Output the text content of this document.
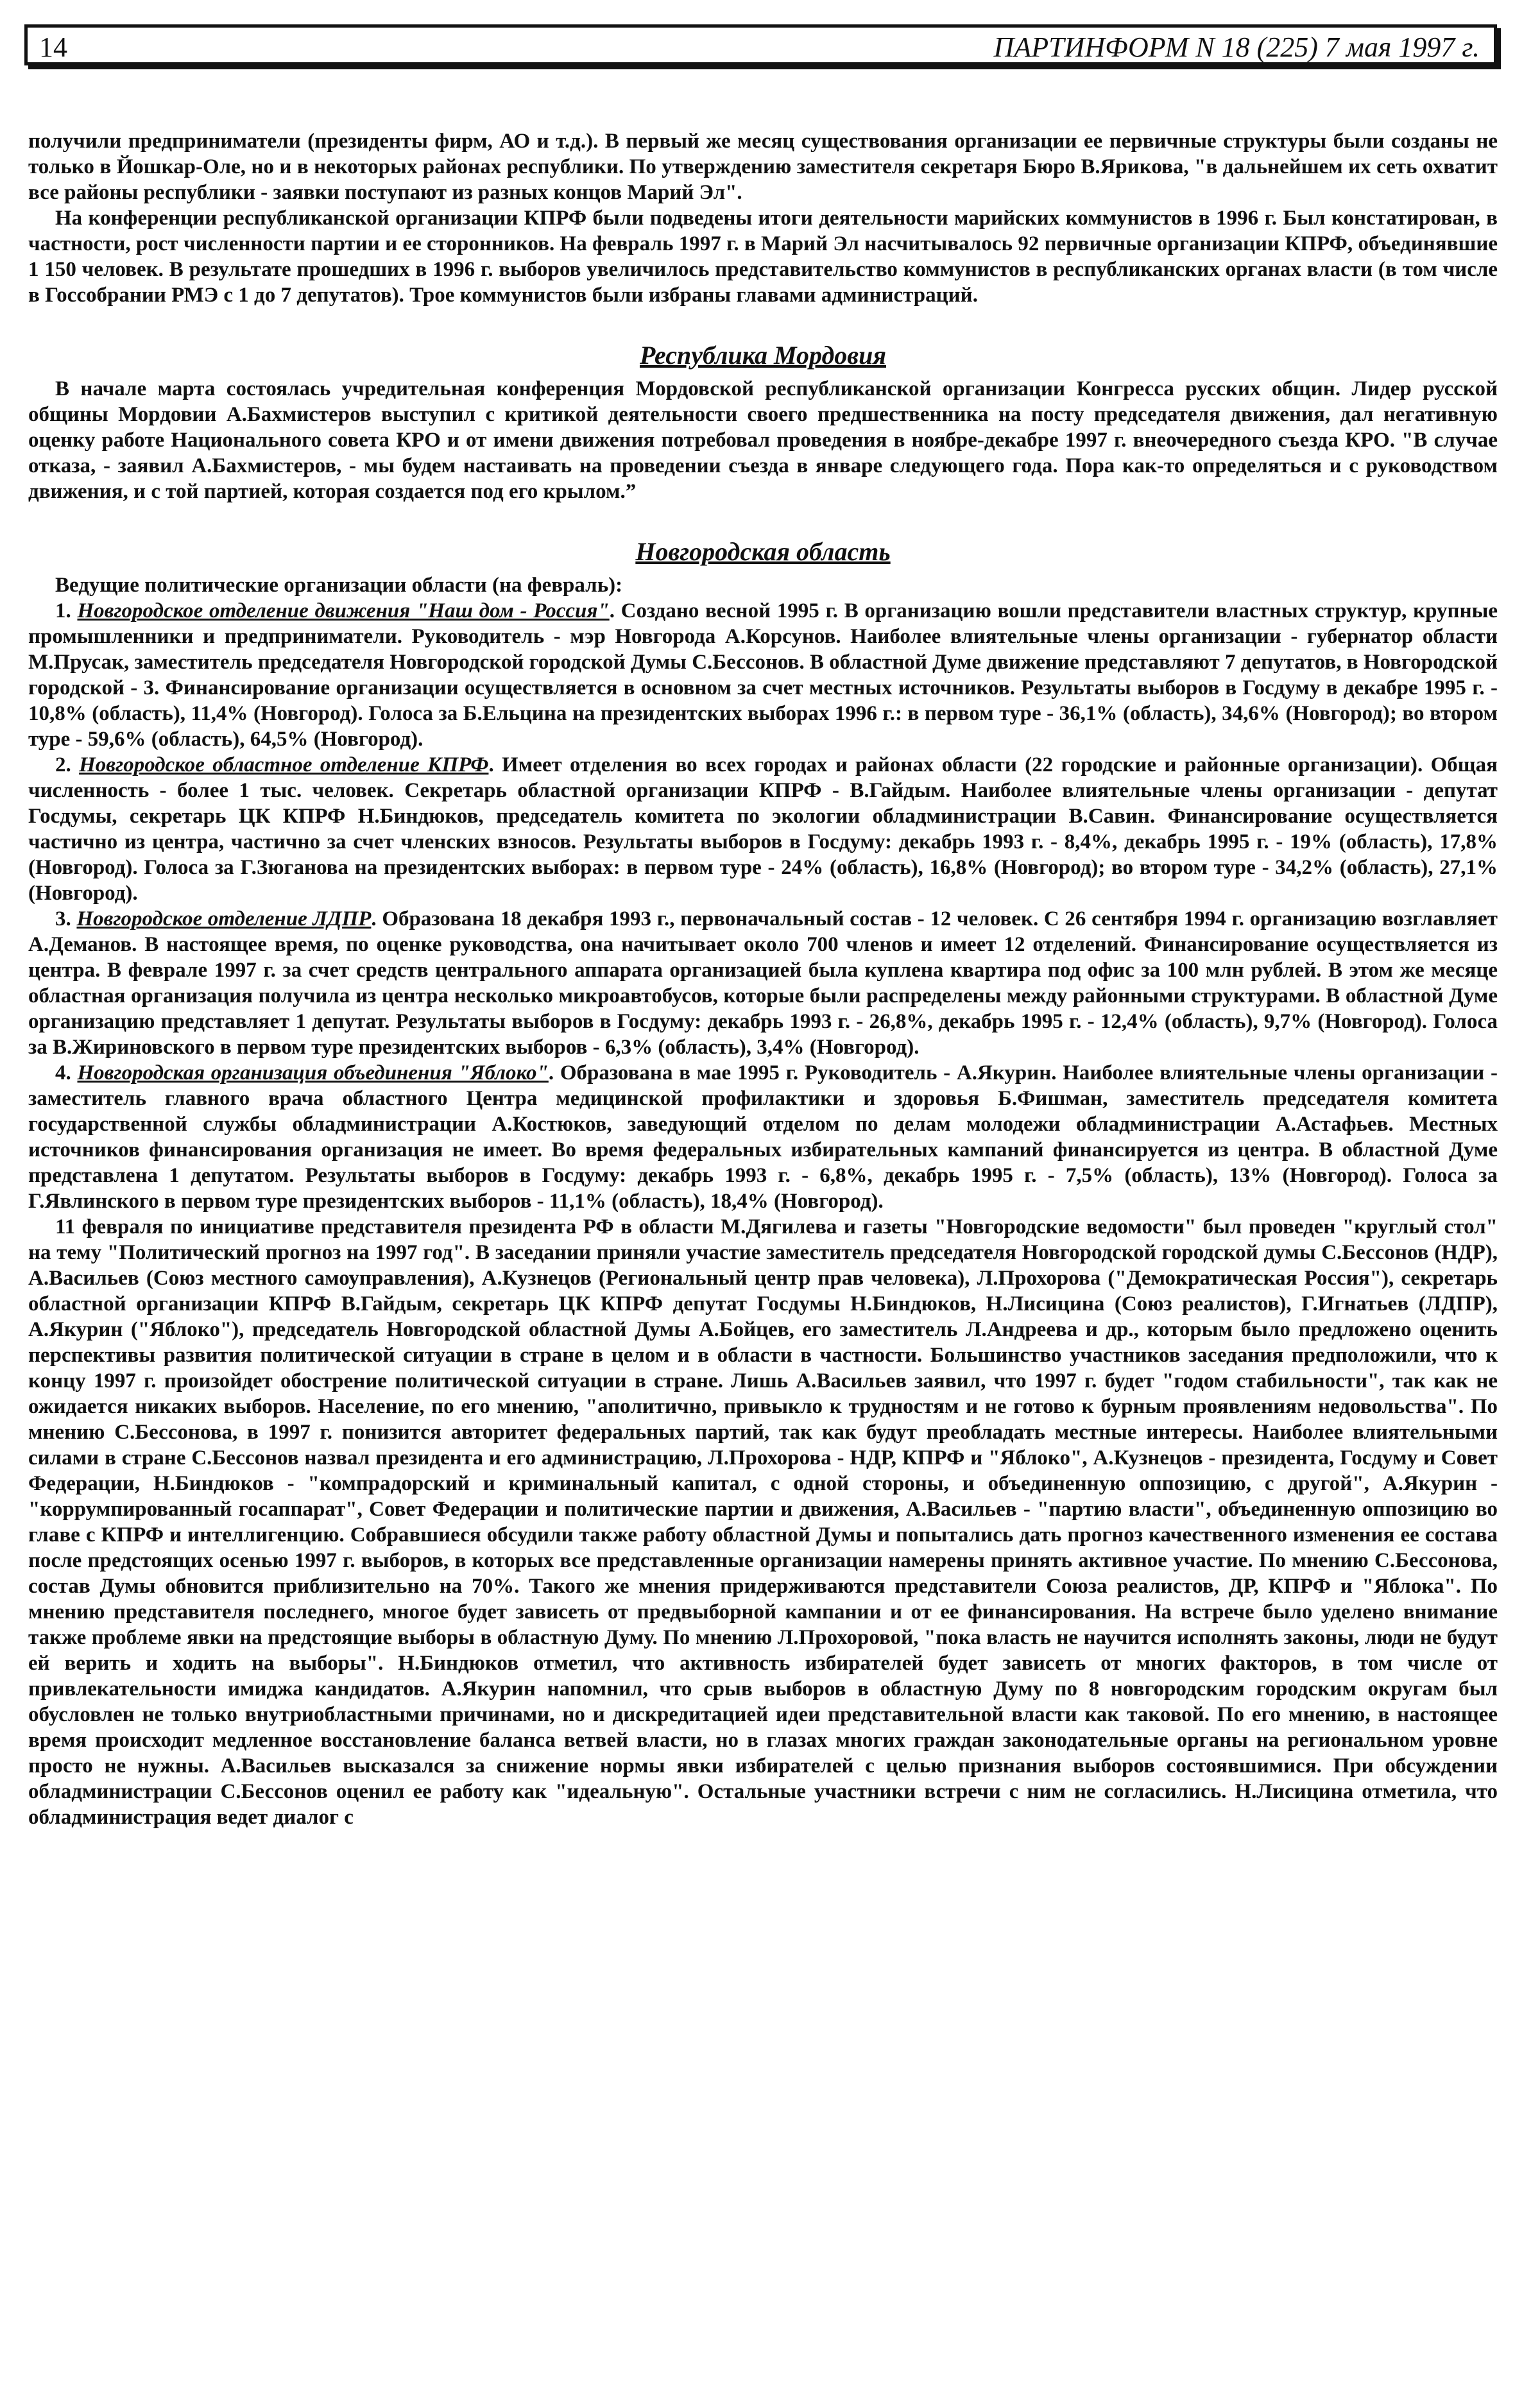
14	ПАРТИНФОРМ N 18 (225) 7 мая 1997 г.

получили предприниматели (президенты фирм, АО и т.д.). В первый же месяц существования организации ее первичные структуры были созданы не только в Йошкар-Оле, но и в некоторых районах республики. По утверждению заместителя секретаря Бюро В.Ярикова, "в дальнейшем их сеть охватит все районы республики - заявки поступают из разных концов Марий Эл".

На конференции республиканской организации КПРФ были подведены итоги деятельности марийских коммунистов в 1996 г. Был констатирован, в частности, рост численности партии и ее сторонников. На февраль 1997 г. в Марий Эл насчитывалось 92 первичные организации КПРФ, объединявшие 1 150 человек. В результате прошедших в 1996 г. выборов увеличилось представительство коммунистов в республиканских органах власти (в том числе в Госсобрании РМЭ с 1 до 7 депутатов). Трое коммунистов были избраны главами администраций.

Республика Мордовия

В начале марта состоялась учредительная конференция Мордовской республиканской организации Конгресса русских общин. Лидер русской общины Мордовии А.Бахмистеров выступил с критикой деятельности своего предшественника на посту председателя движения, дал негативную оценку работе Национального совета КРО и от имени движения потребовал проведения в ноябре-декабре 1997 г. внеочередного съезда КРО. "В случае отказа, - заявил А.Бахмистеров, - мы будем настаивать на проведении съезда в январе следующего года. Пора как-то определяться и с руководством движения, и с той партией, которая создается под его крылом.”

Новгородская область

Ведущие политические организации области (на февраль):

1. Новгородское отделение движения "Наш дом - Россия". Создано весной 1995 г. В организацию вошли представители властных структур, крупные промышленники и предприниматели. Руководитель - мэр Новгорода А.Корсунов. Наиболее влиятельные члены организации - губернатор области М.Прусак, заместитель председателя Новгородской городской Думы С.Бессонов. В областной Думе движение представляют 7 депутатов, в Новгородской городской - 3. Финансирование организации осуществляется в основном за счет местных источников. Результаты выборов в Госдуму в декабре 1995 г. - 10,8% (область), 11,4% (Новгород). Голоса за Б.Ельцина на президентских выборах 1996 г.: в первом туре - 36,1% (область), 34,6% (Новгород); во втором туре - 59,6% (область), 64,5% (Новгород).

2. Новгородское областное отделение КПРФ. Имеет отделения во всех городах и районах области (22 городские и районные организации). Общая численность - более 1 тыс. человек. Секретарь областной организации КПРФ - В.Гайдым. Наиболее влиятельные члены организации - депутат Госдумы, секретарь ЦК КПРФ Н.Биндюков, председатель комитета по экологии обладминистрации В.Савин. Финансирование осуществляется частично из центра, частично за счет членских взносов. Результаты выборов в Госдуму: декабрь 1993 г. - 8,4%, декабрь 1995 г. - 19% (область), 17,8% (Новгород). Голоса за Г.Зюганова на президентских выборах: в первом туре - 24% (область), 16,8% (Новгород); во втором туре - 34,2% (область), 27,1% (Новгород).

3. Новгородское отделение ЛДПР. Образована 18 декабря 1993 г., первоначальный состав - 12 человек. С 26 сентября 1994 г. организацию возглавляет А.Деманов. В настоящее время, по оценке руководства, она начитывает около 700 членов и имеет 12 отделений. Финансирование осуществляется из центра. В феврале 1997 г. за счет средств центрального аппарата организацией была куплена квартира под офис за 100 млн рублей. В этом же месяце областная организация получила из центра несколько микроавтобусов, которые были распределены между районными структурами. В областной Думе организацию представляет 1 депутат. Результаты выборов в Госдуму: декабрь 1993 г. - 26,8%, декабрь 1995 г. - 12,4% (область), 9,7% (Новгород). Голоса за В.Жириновского в первом туре президентских выборов - 6,3% (область), 3,4% (Новгород).

4. Новгородская организация объединения "Яблоко". Образована в мае 1995 г. Руководитель - А.Якурин. Наиболее влиятельные члены организации - заместитель главного врача областного Центра медицинской профилактики и здоровья Б.Фишман, заместитель председателя комитета государственной службы обладминистрации А.Костюков, заведующий отделом по делам молодежи обладминистрации А.Астафьев. Местных источников финансирования организация не имеет. Во время федеральных избирательных кампаний финансируется из центра. В областной Думе представлена 1 депутатом. Результаты выборов в Госдуму: декабрь 1993 г. - 6,8%, декабрь 1995 г. - 7,5% (область), 13% (Новгород). Голоса за Г.Явлинского в первом туре президентских выборов - 11,1% (область), 18,4% (Новгород).

11 февраля по инициативе представителя президента РФ в области М.Дягилева и газеты "Новгородские ведомости" был проведен "круглый стол" на тему "Политический прогноз на 1997 год". В заседании приняли участие заместитель председателя Новгородской городской думы С.Бессонов (НДР), А.Васильев (Союз местного самоуправления), А.Кузнецов (Региональный центр прав человека), Л.Прохорова ("Демократическая Россия"), секретарь областной организации КПРФ В.Гайдым, секретарь ЦК КПРФ депутат Госдумы Н.Биндюков, Н.Лисицина (Союз реалистов), Г.Игнатьев (ЛДПР), А.Якурин ("Яблоко"), председатель Новгородской областной Думы А.Бойцев, его заместитель Л.Андреева и др., которым было предложено оценить перспективы развития политической ситуации в стране в целом и в области в частности. Большинство участников заседания предположили, что к концу 1997 г. произойдет обострение политической ситуации в стране. Лишь А.Васильев заявил, что 1997 г. будет "годом стабильности", так как не ожидается никаких выборов. Население, по его мнению, "аполитично, привыкло к трудностям и не готово к бурным проявлениям недовольства". По мнению С.Бессонова, в 1997 г. понизится авторитет федеральных партий, так как будут преобладать местные интересы. Наиболее влиятельными силами в стране С.Бессонов назвал президента и его администрацию, Л.Прохорова - НДР, КПРФ и "Яблоко", А.Кузнецов - президента, Госдуму и Совет Федерации, Н.Биндюков - "компрадорский и криминальный капитал, с одной стороны, и объединенную оппозицию, с другой", А.Якурин - "коррумпированный госаппарат", Совет Федерации и политические партии и движения, А.Васильев - "партию власти", объединенную оппозицию во главе с КПРФ и интеллигенцию. Собравшиеся обсудили также работу областной Думы и попытались дать прогноз качественного изменения ее состава после предстоящих осенью 1997 г. выборов, в которых все представленные организации намерены принять активное участие. По мнению С.Бессонова, состав Думы обновится приблизительно на 70%. Такого же мнения придерживаются представители Союза реалистов, ДР, КПРФ и "Яблока". По мнению представителя последнего, многое будет зависеть от предвыборной кампании и от ее финансирования. На встрече было уделено внимание также проблеме явки на предстоящие выборы в областную Думу. По мнению Л.Прохоровой, "пока власть не научится исполнять законы, люди не будут ей верить и ходить на выборы". Н.Биндюков отметил, что активность избирателей будет зависеть от многих факторов, в том числе от привлекательности имиджа кандидатов. А.Якурин напомнил, что срыв выборов в областную Думу по 8 новгородским городским округам был обусловлен не только внутриобластными причинами, но и дискредитацией идеи представительной власти как таковой. По его мнению, в настоящее время происходит медленное восстановление баланса ветвей власти, но в глазах многих граждан законодательные органы на региональном уровне просто не нужны. А.Васильев высказался за снижение нормы явки избирателей с целью признания выборов состоявшимися. При обсуждении обладминистрации С.Бессонов оценил ее работу как "идеальную". Остальные участники встречи с ним не согласились. Н.Лисицина отметила, что обладминистрация ведет диалог с
